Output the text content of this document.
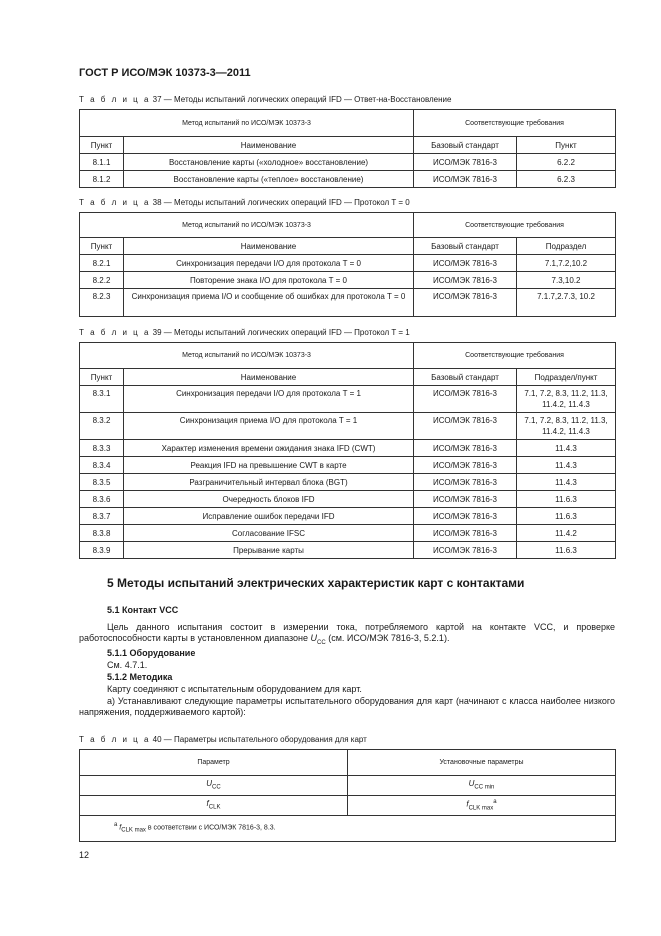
ГОСТ Р ИСО/МЭК 10373-3—2011
Т а б л и ц а 37 — Методы испытаний логических операций IFD — Ответ-на-Восстановление
Метод испытаний по ИСО/МЭК 10373-3		Соответствующие требования	
Пункт	Наименование	Базовый стандарт	Пункт
8.1.1	Восстановление карты («холодное» восстановление)	ИСО/МЭК 7816-3	6.2.2
8.1.2	Восстановление карты («теплое» восстановление)	ИСО/МЭК 7816-3	6.2.3
Т а б л и ц а 38 — Методы испытаний логических операций IFD — Протокол T = 0
Метод испытаний по ИСО/МЭК 10373-3		Соответствующие требования	
Пункт	Наименование	Базовый стандарт	Подраздел
8.2.1	Синхронизация передачи I/O для протокола T = 0	ИСО/МЭК 7816-3	7.1,7.2,10.2
8.2.2	Повторение знака I/O для протокола T = 0	ИСО/МЭК 7816-3	7.3,10.2
8.2.3	Синхронизация приема I/O и сообщение об ошибках для протокола T = 0	ИСО/МЭК 7816-3	7.1.7,2.7.3, 10.2
Т а б л и ц а 39 — Методы испытаний логических операций IFD — Протокол T = 1
Метод испытаний по ИСО/МЭК 10373-3		Соответствующие требования	
Пункт	Наименование	Базовый стандарт	Подраздел/пункт
8.3.1	Синхронизация передачи I/O для протокола T = 1	ИСО/МЭК 7816-3	7.1, 7.2, 8.3, 11.2, 11.3, 11.4.2, 11.4.3
8.3.2	Синхронизация приема I/O для протокола T = 1	ИСО/МЭК 7816-3	7.1, 7.2, 8.3, 11.2, 11.3, 11.4.2, 11.4.3
8.3.3	Характер изменения времени ожидания знака IFD (CWT)	ИСО/МЭК 7816-3	11.4.3
8.3.4	Реакция IFD на превышение CWT в карте	ИСО/МЭК 7816-3	11.4.3
8.3.5	Разграничительный интервал блока (BGT)	ИСО/МЭК 7816-3	11.4.3
8.3.6	Очередность блоков IFD	ИСО/МЭК 7816-3	11.6.3
8.3.7	Исправление ошибок передачи IFD	ИСО/МЭК 7816-3	11.6.3
8.3.8	Согласование IFSC	ИСО/МЭК 7816-3	11.4.2
8.3.9	Прерывание карты	ИСО/МЭК 7816-3	11.6.3
5 Методы испытаний электрических характеристик карт с контактами
5.1 Контакт VCC
Цель данного испытания состоит в измерении тока, потребляемого картой на контакте VCC, и проверке работоспособности карты в установленном диапазоне $U_{CC}$ (см. ИСО/МЭК 7816-3, 5.2.1).
5.1.1 Оборудование
См. 4.7.1.
5.1.2 Методика
Карту соединяют с испытательным оборудованием для карт.
а) Устанавливают следующие параметры испытательного оборудования для карт (начинают с класса наиболее низкого напряжения, поддерживаемого картой):
Т а б л и ц а 40 — Параметры испытательного оборудования для карт
Параметр	Установочные параметры
$U_{CC}$	$U_{CC min}$
$f_{CLK}$	$f_{CLK max}^a$
$^a$ $f_{CLK max}$ в соответствии с ИСО/МЭК 7816-3, 8.3.	
12
